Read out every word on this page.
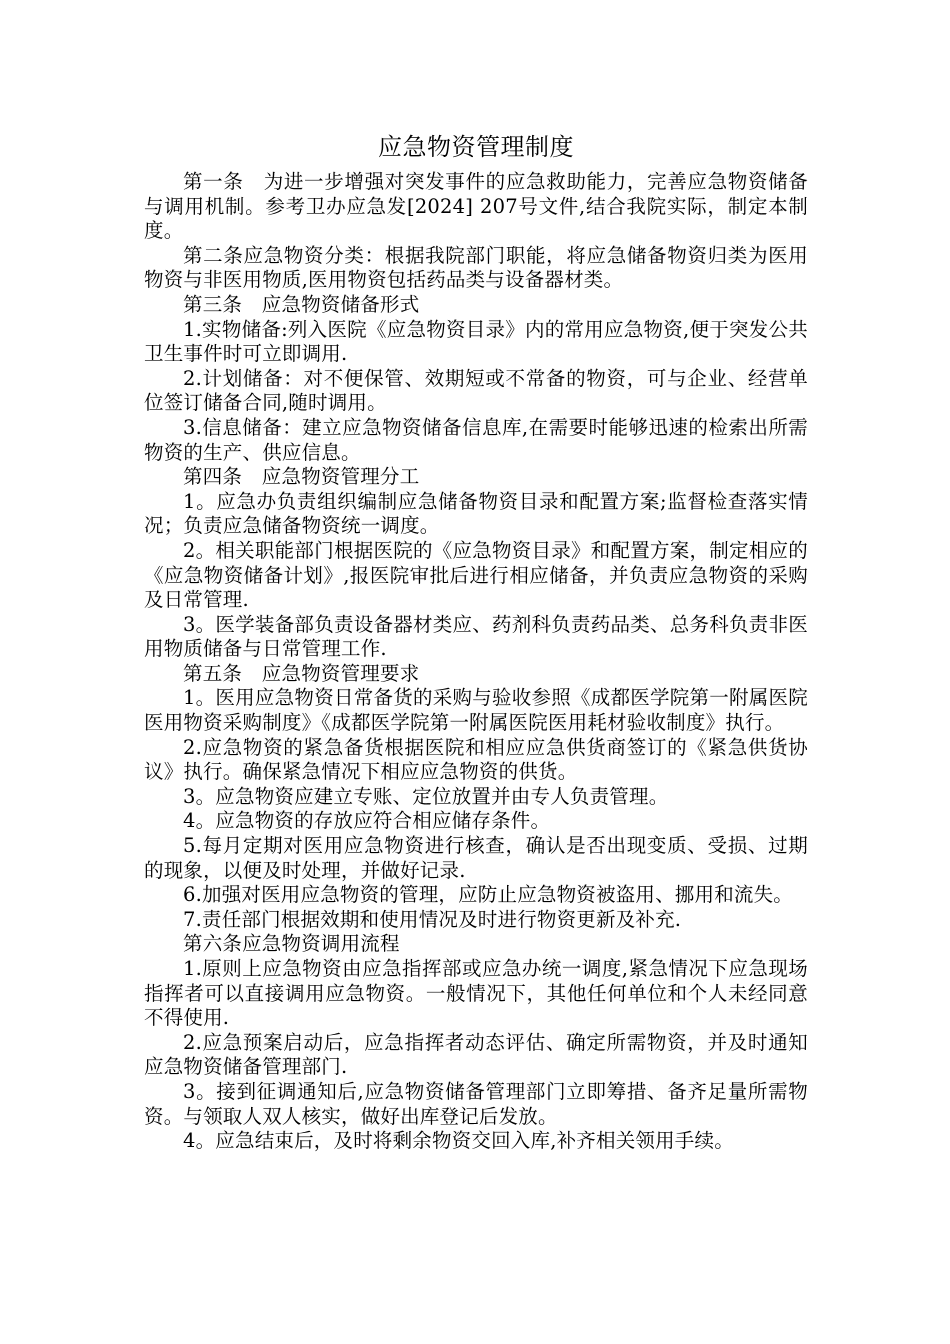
应急物资管理制度

第一条　为进一步增强对突发事件的应急救助能力，完善应急物资储备与调用机制。参考卫办应急发[2024] 207号文件,结合我院实际，制定本制度。

第二条应急物资分类：根据我院部门职能，将应急储备物资归类为医用物资与非医用物质,医用物资包括药品类与设备器材类。

第三条　应急物资储备形式

1.实物储备:列入医院《应急物资目录》内的常用应急物资,便于突发公共卫生事件时可立即调用.

2.计划储备：对不便保管、效期短或不常备的物资，可与企业、经营单位签订储备合同,随时调用。

3.信息储备：建立应急物资储备信息库,在需要时能够迅速的检索出所需物资的生产、供应信息。

第四条　应急物资管理分工

1。应急办负责组织编制应急储备物资目录和配置方案;监督检查落实情况；负责应急储备物资统一调度。

2。相关职能部门根据医院的《应急物资目录》和配置方案，制定相应的《应急物资储备计划》,报医院审批后进行相应储备，并负责应急物资的采购及日常管理.

3。医学装备部负责设备器材类应、药剂科负责药品类、总务科负责非医用物质储备与日常管理工作.

第五条　应急物资管理要求

1。医用应急物资日常备货的采购与验收参照《成都医学院第一附属医院医用物资采购制度》《成都医学院第一附属医院医用耗材验收制度》执行。

2.应急物资的紧急备货根据医院和相应应急供货商签订的《紧急供货协议》执行。确保紧急情况下相应应急物资的供货。

3。应急物资应建立专账、定位放置并由专人负责管理。

4。应急物资的存放应符合相应储存条件。

5.每月定期对医用应急物资进行核查，确认是否出现变质、受损、过期的现象，以便及时处理，并做好记录.

6.加强对医用应急物资的管理，应防止应急物资被盗用、挪用和流失。

7.责任部门根据效期和使用情况及时进行物资更新及补充.

第六条应急物资调用流程

1.原则上应急物资由应急指挥部或应急办统一调度,紧急情况下应急现场指挥者可以直接调用应急物资。一般情况下，其他任何单位和个人未经同意不得使用.

2.应急预案启动后，应急指挥者动态评估、确定所需物资，并及时通知应急物资储备管理部门.

3。接到征调通知后,应急物资储备管理部门立即筹措、备齐足量所需物资。与领取人双人核实，做好出库登记后发放。

4。应急结束后，及时将剩余物资交回入库,补齐相关领用手续。
